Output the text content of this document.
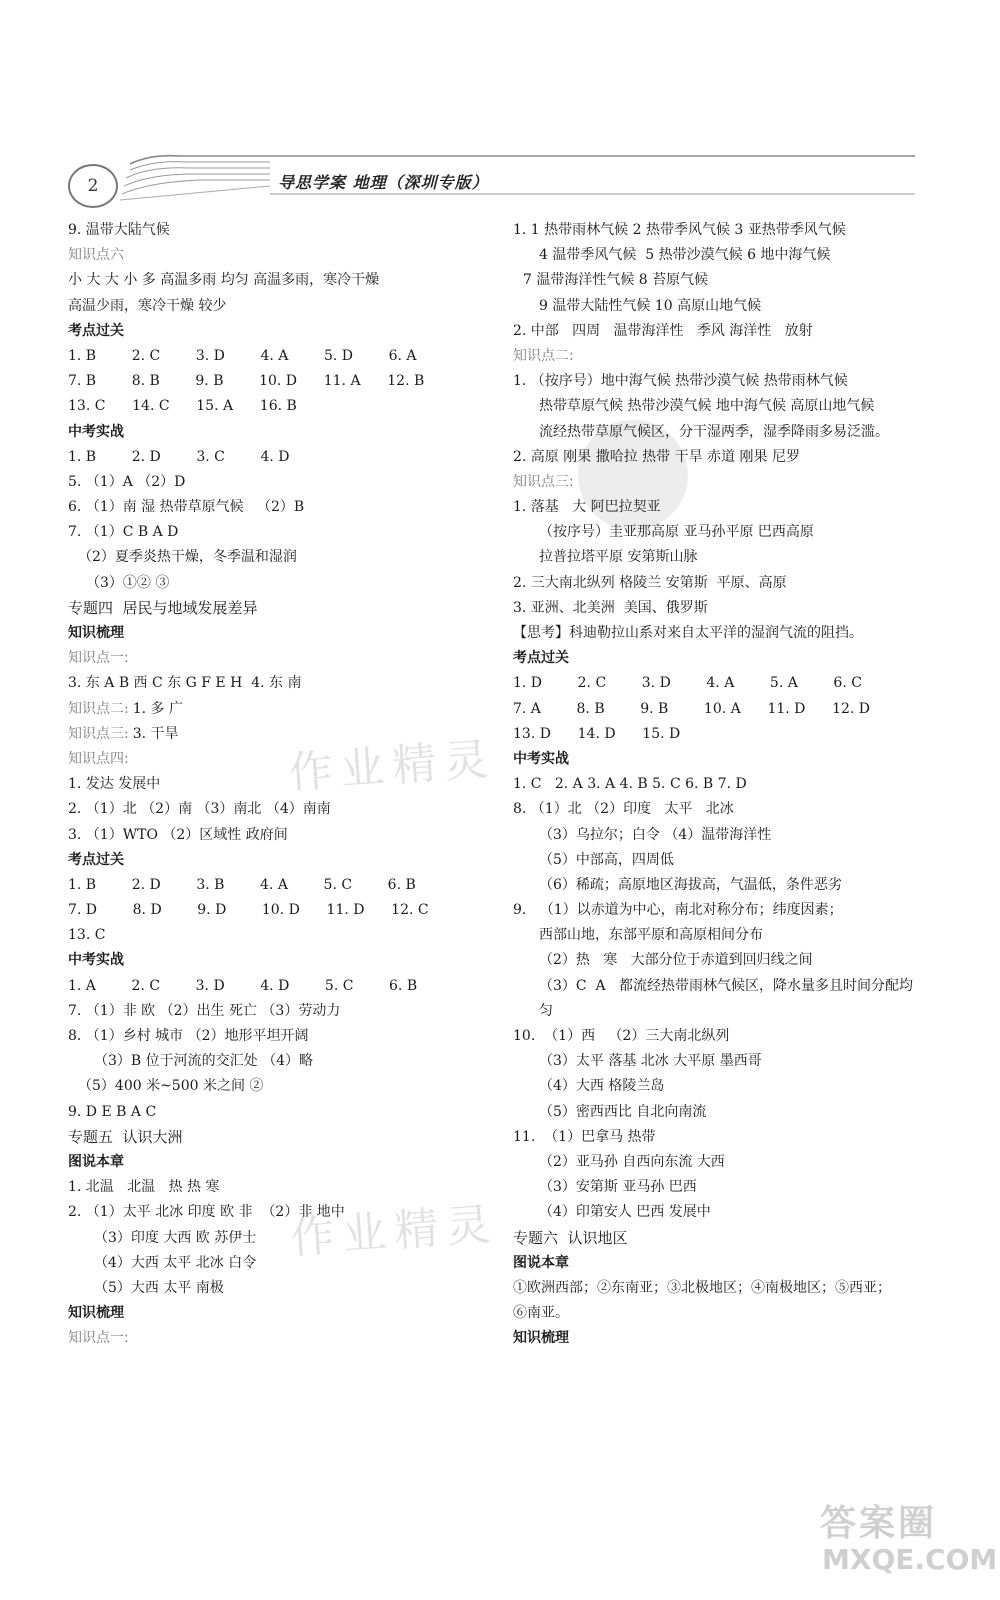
2	导思学案 地理（深圳专版）
9. 温带大陆气候
知识点六
小 大 大 小 多 高温多雨 均匀 高温多雨，寒冷干燥
高温少雨，寒冷干燥 较少
考点过关
1. B        2. C        3. D        4. A        5. D        6. A
7. B        8. B        9. B        10. D      11. A      12. B
13. C      14. C      15. A      16. B
中考实战
1. B        2. D        3. C        4. D
5. （1）A （2）D
6. （1）南 湿 热带草原气候   （2）B
7. （1）C B A D
（2）夏季炎热干燥，冬季温和湿润
（3）①② ③
专题四  居民与地域发展差异
知识梳理
知识点一:
3. 东 A B 西 C 东 G F E H  4. 东 南
知识点二: 1. 多 广
知识点三: 3. 干旱
知识点四:
1. 发达 发展中
2. （1）北 （2）南 （3）南北 （4）南南
3. （1）WTO （2）区域性 政府间
考点过关
1. B        2. D        3. B        4. A        5. C        6. B
7. D        8. D        9. D        10. D      11. D      12. C
13. C
中考实战
1. A        2. C        3. D        4. D        5. C        6. B
7. （1）非 欧 （2）出生 死亡 （3）劳动力
8. （1）乡村 城市 （2）地形平坦开阔
（3）B 位于河流的交汇处 （4）略
（5）400 米~500 米之间 ②
9. D E B A C
专题五  认识大洲
图说本章
1. 北温   北温   热 热 寒
2. （1）太平 北冰 印度 欧 非  （2）非 地中
（3）印度 大西 欧 苏伊士
（4）大西 太平 北冰 白令
（5）大西 太平 南极
知识梳理
知识点一:
1. 1 热带雨林气候 2 热带季风气候 3 亚热带季风气候
4 温带季风气候  5 热带沙漠气候 6 地中海气候
7 温带海洋性气候 8 苔原气候
9 温带大陆性气候 10 高原山地气候
2. 中部   四周   温带海洋性   季风 海洋性   放射
知识点二:
1. （按序号）地中海气候 热带沙漠气候 热带雨林气候
热带草原气候 热带沙漠气候 地中海气候 高原山地气候
流经热带草原气候区，分干湿两季，湿季降雨多易泛滥。
2. 高原 刚果 撒哈拉 热带 干旱 赤道 刚果 尼罗
知识点三:
1. 落基   大 阿巴拉契亚
（按序号）圭亚那高原 亚马孙平原 巴西高原
拉普拉塔平原 安第斯山脉
2. 三大南北纵列 格陵兰 安第斯  平原、高原
3. 亚洲、北美洲  美国、俄罗斯
【思考】科迪勒拉山系对来自太平洋的湿润气流的阻挡。
考点过关
1. D        2. C        3. D        4. A        5. A        6. C
7. A        8. B        9. B        10. A      11. D      12. D
13. D      14. D      15. D
中考实战
1. C   2. A 3. A 4. B 5. C 6. B 7. D
8. （1）北 （2）印度   太平   北冰
（3）乌拉尔；白令 （4）温带海洋性
（5）中部高，四周低
（6）稀疏；高原地区海拔高，气温低，条件恶劣
9.   （1）以赤道为中心，南北对称分布；纬度因素；
西部山地，东部平原和高原相间分布
（2）热   寒   大部分位于赤道到回归线之间
（3）C  A   都流经热带雨林气候区，降水量多且时间分配均
匀
10.  （1）西   （2）三大南北纵列
（3）太平 落基 北冰 大平原 墨西哥
（4）大西 格陵兰岛
（5）密西西比 自北向南流
11.  （1）巴拿马 热带
（2）亚马孙 自西向东流 大西
（3）安第斯 亚马孙 巴西
（4）印第安人 巴西 发展中
专题六  认识地区
图说本章
①欧洲西部；②东南亚；③北极地区；④南极地区；⑤西亚；
⑥南亚。
知识梳理
作业精灵
作业精灵
答案圈
MXQE.COM
